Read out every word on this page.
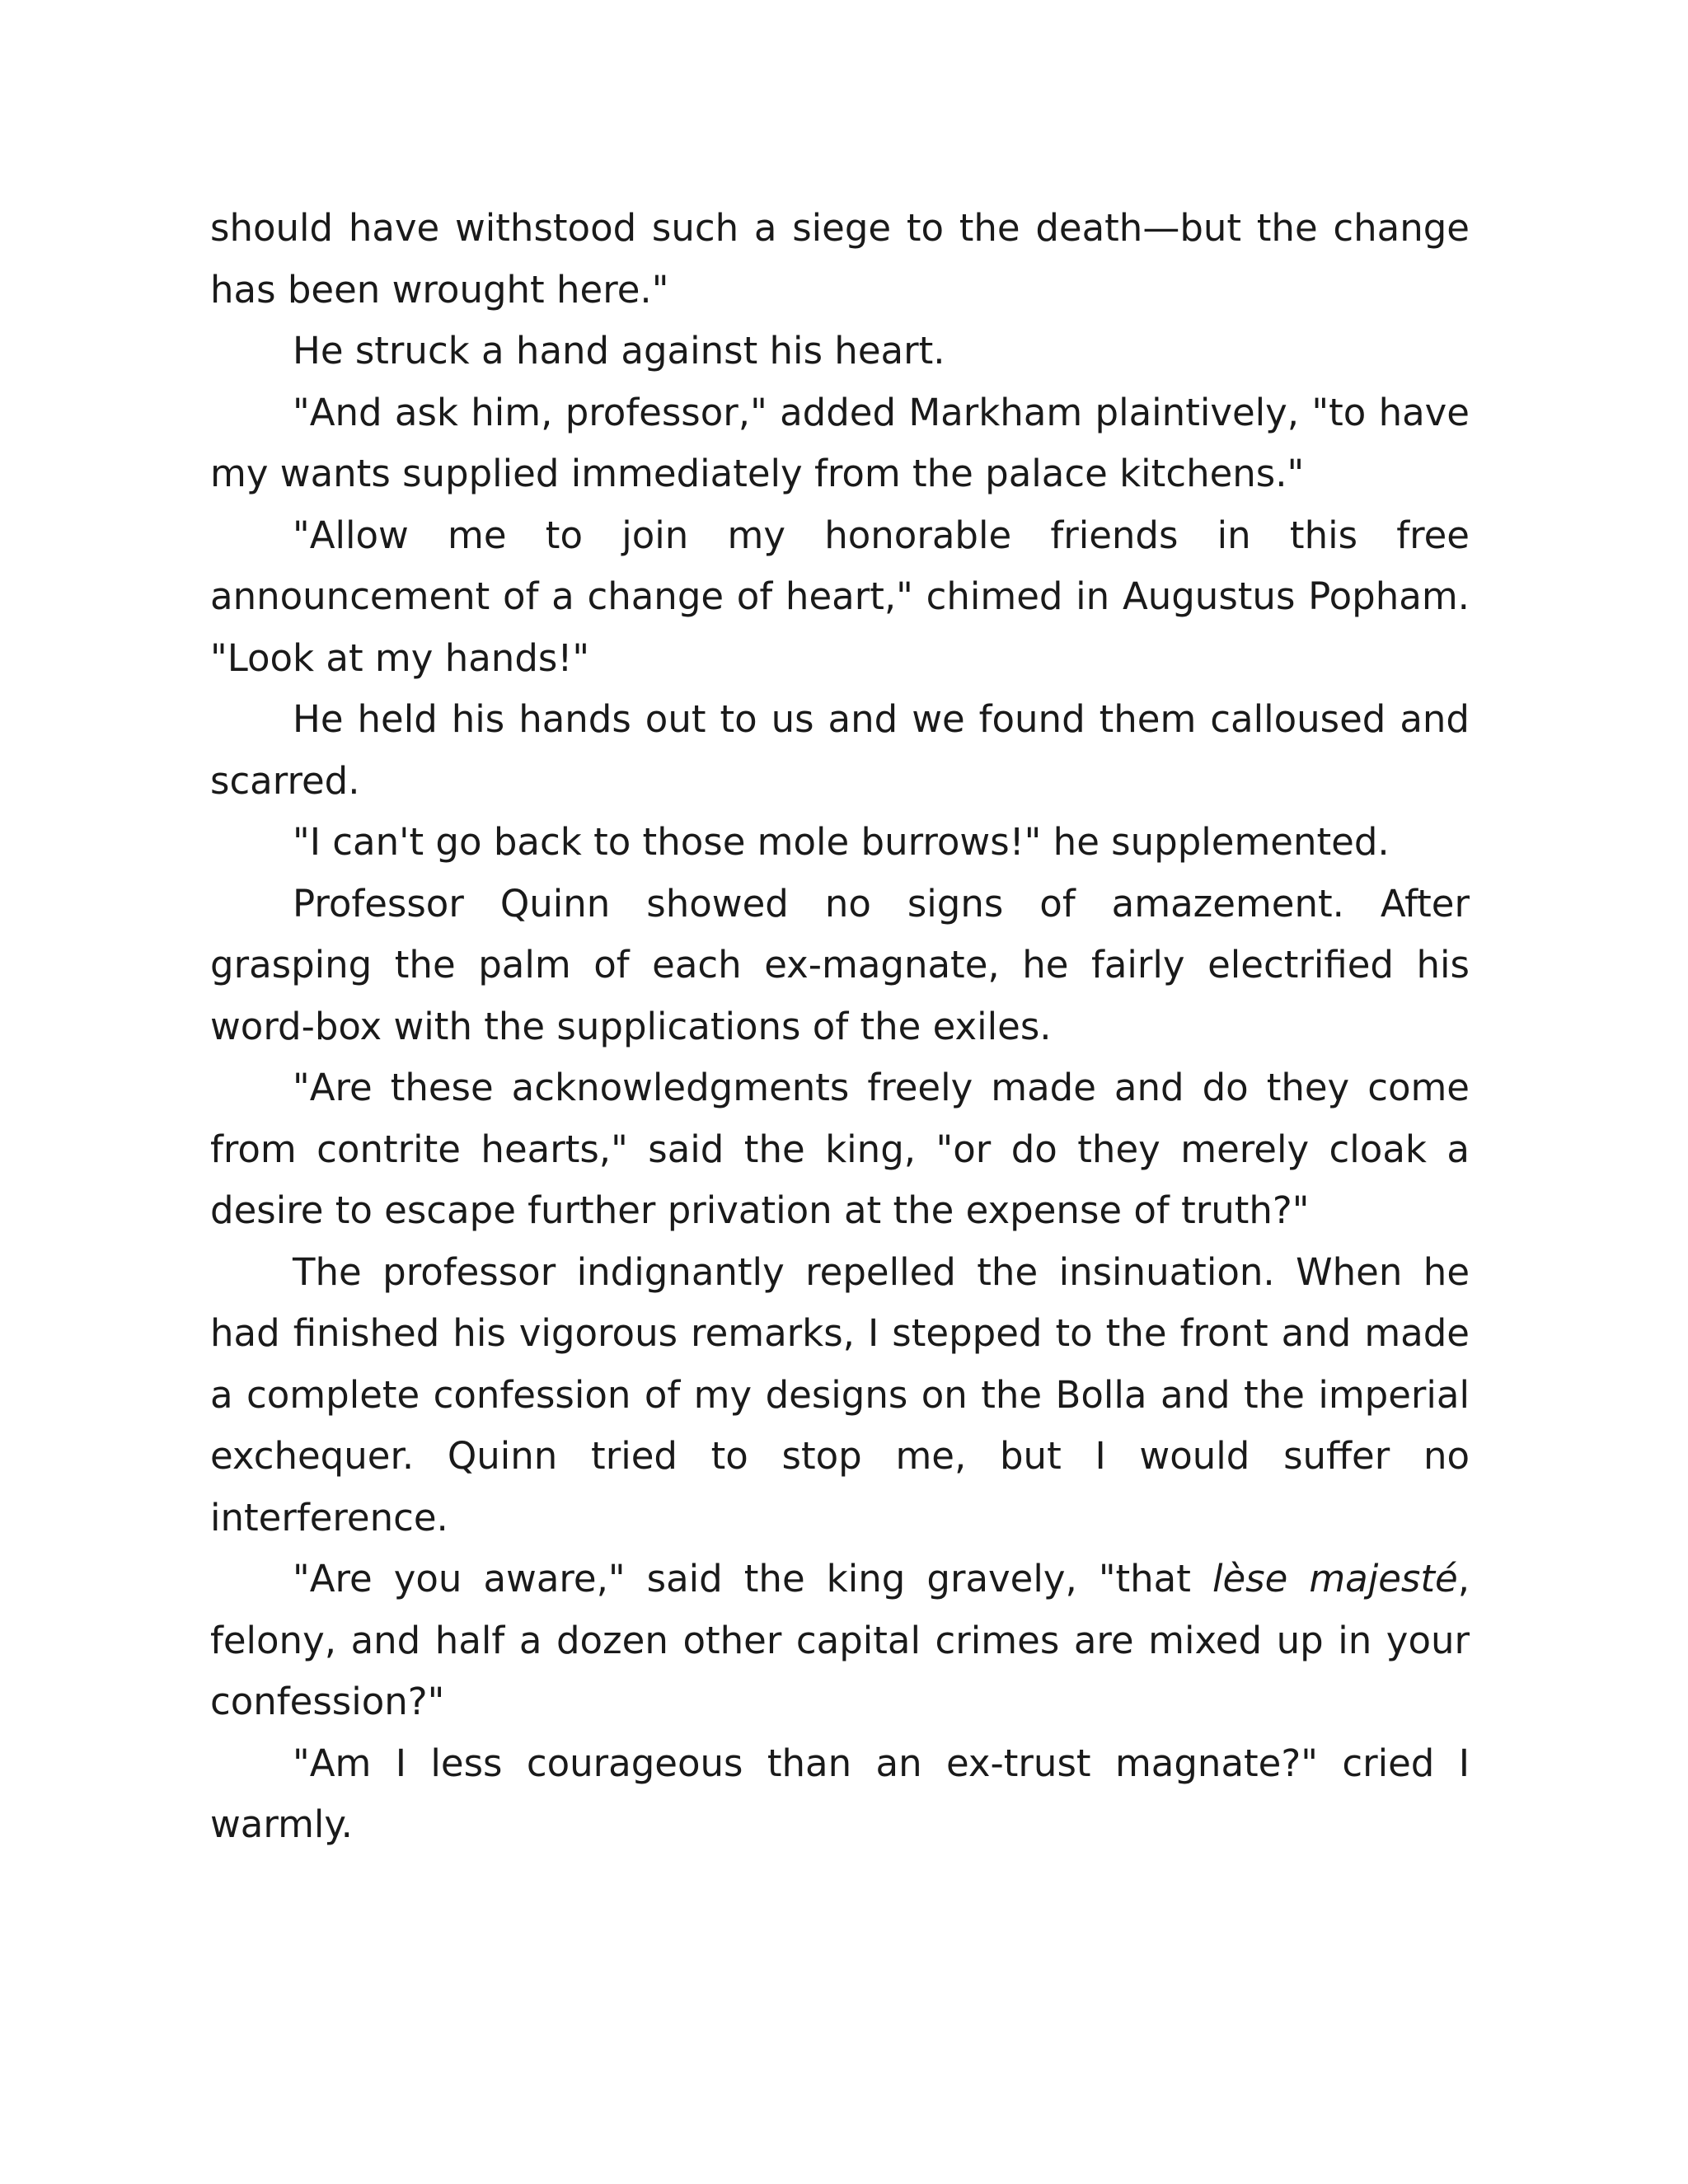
should have withstood such a siege to the death—but the change has been wrought here."

He struck a hand against his heart.

"And ask him, professor," added Markham plaintively, "to have my wants supplied immediately from the palace kitchens."

"Allow me to join my honorable friends in this free announcement of a change of heart," chimed in Augustus Popham. "Look at my hands!"

He held his hands out to us and we found them calloused and scarred.

"I can't go back to those mole burrows!" he supplemented.

Professor Quinn showed no signs of amazement. After grasping the palm of each ex-magnate, he fairly electrified his word-box with the supplications of the exiles.

"Are these acknowledgments freely made and do they come from contrite hearts," said the king, "or do they merely cloak a desire to escape further privation at the expense of truth?"

The professor indignantly repelled the insinuation. When he had finished his vigorous remarks, I stepped to the front and made a complete confession of my designs on the Bolla and the imperial exchequer. Quinn tried to stop me, but I would suffer no interference.

"Are you aware," said the king gravely, "that lèse majesté, felony, and half a dozen other capital crimes are mixed up in your confession?"

"Am I less courageous than an ex-trust magnate?" cried I warmly.
